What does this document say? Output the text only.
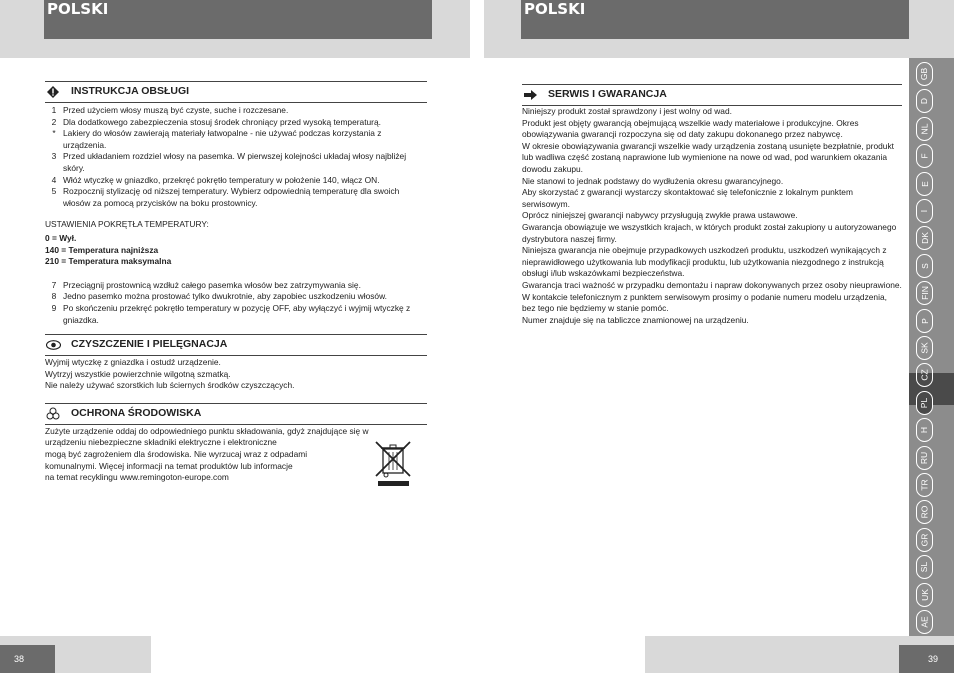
POLSKI	POLSKI
INSTRUKCJA OBSŁUGI
1 Przed użyciem włosy muszą być czyste, suche i rozczesane.
2 Dla dodatkowego zabezpieczenia stosuj środek chroniący przed wysoką temperaturą.
* Lakiery do włosów zawierają materiały łatwopalne - nie używać podczas korzystania z urządzenia.
3 Przed układaniem rozdziel włosy na pasemka. W pierwszej kolejności układaj włosy najbliżej skóry.
4 Włóż wtyczkę w gniazdko, przekręć pokrętło temperatury w położenie 140, włącz ON.
5 Rozpocznij stylizację od niższej temperatury. Wybierz odpowiednią temperaturę dla swoich włosów za pomocą przycisków na boku prostownicy.

USTAWIENIA POKRĘTŁA TEMPERATURY:

0 = Wył.
140 = Temperatura najniższa
210 = Temperatura maksymalna
7 Przeciągnij prostownicą wzdłuż całego pasemka włosów bez zatrzymywania się.
8 Jedno pasemko można prostować tylko dwukrotnie, aby zapobiec uszkodzeniu włosów.
9 Po skończeniu przekręć pokrętło temperatury w pozycję OFF, aby wyłączyć i wyjmij wtyczkę z gniazdka.
CZYSZCZENIE I PIELĘGNACJA
Wyjmij wtyczkę z gniazdka i ostudź urządzenie.
Wytrzyj wszystkie powierzchnie wilgotną szmatką.
Nie należy używać szorstkich lub ściernych środków czyszczących.
OCHRONA ŚRODOWISKA
Zużyte urządzenie oddaj do odpowiedniego punktu składowania, gdyż znajdujące się w
urządzeniu niebezpieczne składniki elektryczne i elektroniczne
mogą być zagrożeniem dla środowiska. Nie wyrzucaj wraz z odpadami
komunalnymi. Więcej informacji na temat produktów lub informacje
na temat recyklingu www.remingoton-europe.com
SERWIS I GWARANCJA

Niniejszy produkt został sprawdzony i jest wolny od wad.

Produkt jest objęty gwarancją obejmującą wszelkie wady materiałowe i produkcyjne. Okres obowiązywania gwarancji rozpoczyna się od daty zakupu dokonanego przez nabywcę.

W okresie obowiązywania gwarancji wszelkie wady urządzenia zostaną usunięte bezpłatnie, produkt lub wadliwa część zostaną naprawione lub wymienione na nowe od wad, pod warunkiem okazania dowodu zakupu.

Nie stanowi to jednak podstawy do wydłużenia okresu gwarancyjnego.

Aby skorzystać z gwarancji wystarczy skontaktować się telefonicznie z lokalnym punktem serwisowym.

Oprócz niniejszej gwarancji nabywcy przysługują zwykłe prawa ustawowe.

Gwarancja obowiązuje we wszystkich krajach, w których produkt został zakupiony u autoryzowanego dystrybutora naszej firmy.

Niniejsza gwarancja nie obejmuje przypadkowych uszkodzeń produktu, uszkodzeń wynikających z nieprawidłowego użytkowania lub modyfikacji produktu, lub użytkowania niezgodnego z instrukcją obsługi i/lub wskazówkami bezpieczeństwa.

Gwarancja traci ważność w przypadku demontażu i napraw dokonywanych przez osoby nieuprawione.

W kontakcie telefonicznym z punktem serwisowym prosimy o podanie numeru modelu urządzenia, bez tego nie będziemy w stanie pomóc.

Numer znajduje się na tabliczce znamionowej na urządzeniu.

GB
D
NL
F
E
I
DK
S
FIN
P
SK
CZ
PL
H
RU
TR
RO
GR
SL
UK
AE
38	39
